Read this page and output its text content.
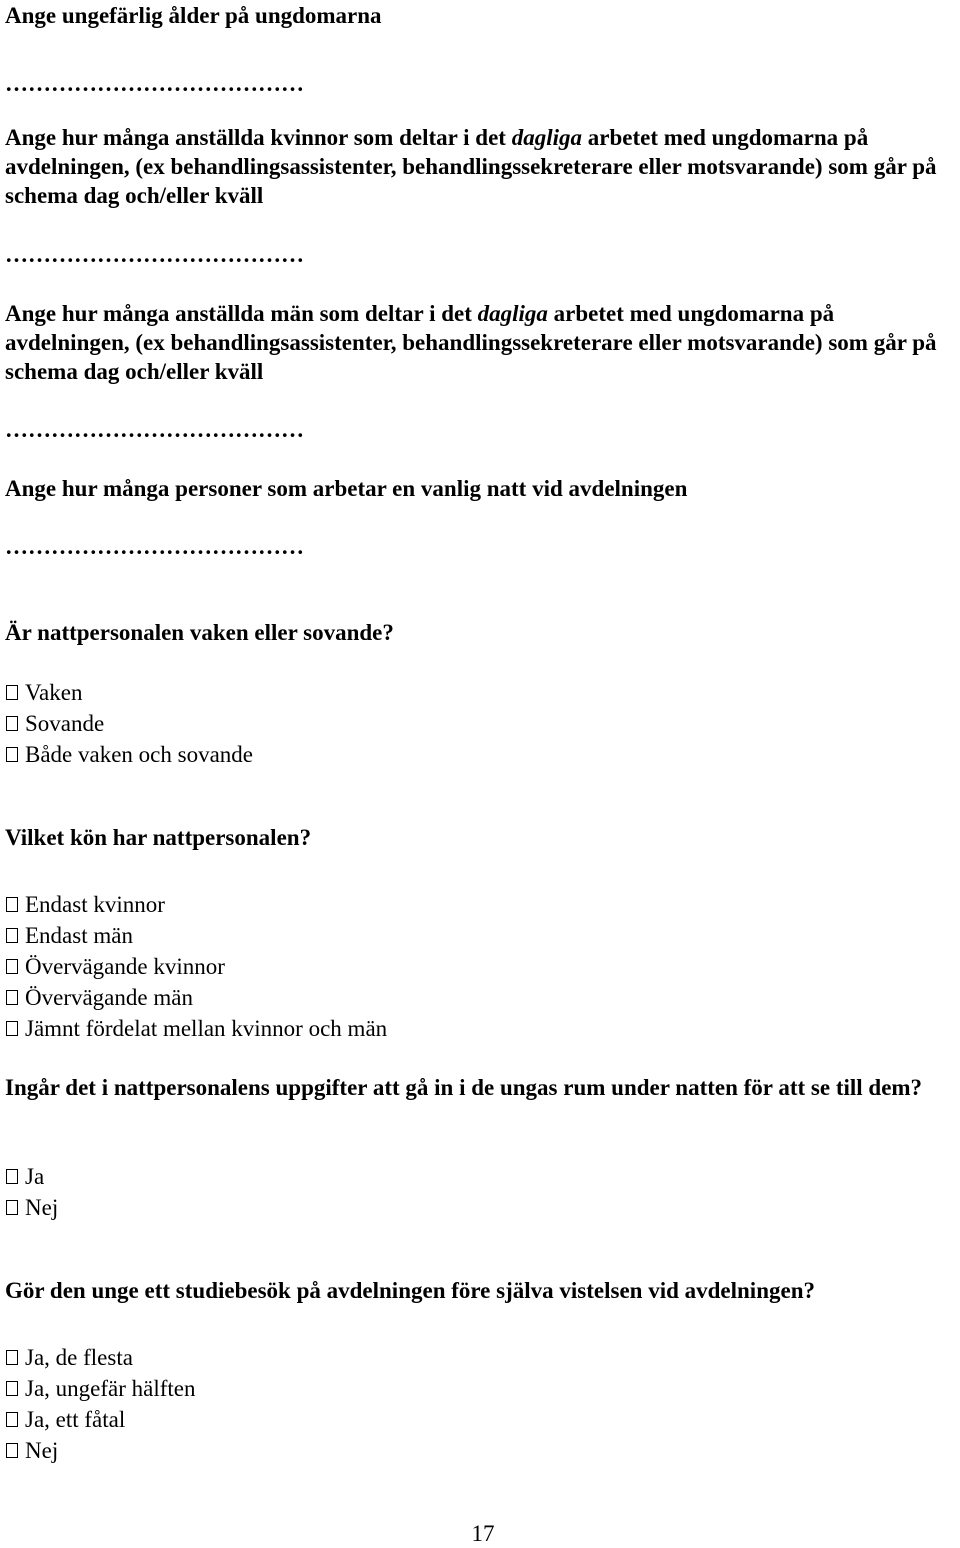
Ange ungefärlig ålder på ungdomarna

…………………………………

Ange hur många anställda kvinnor som deltar i det dagliga arbetet med ungdomarna på avdelningen, (ex behandlingsassistenter, behandlingssekreterare eller motsvarande) som går på schema dag och/eller kväll

…………………………………

Ange hur många anställda män som deltar i det dagliga arbetet med ungdomarna på avdelningen, (ex behandlingsassistenter, behandlingssekreterare eller motsvarande) som går på schema dag och/eller kväll

…………………………………

Ange hur många personer som arbetar en vanlig natt vid avdelningen

…………………………………

Är nattpersonalen vaken eller sovande?

Vaken
Sovande
Både vaken och sovande

Vilket kön har nattpersonalen?

Endast kvinnor
Endast män
Övervägande kvinnor
Övervägande män
Jämnt fördelat mellan kvinnor och män

Ingår det i nattpersonalens uppgifter att gå in i de ungas rum under natten för att se till dem?

Ja
Nej

Gör den unge ett studiebesök på avdelningen före själva vistelsen vid avdelningen?

Ja, de flesta
Ja, ungefär hälften
Ja, ett fåtal
Nej
17
